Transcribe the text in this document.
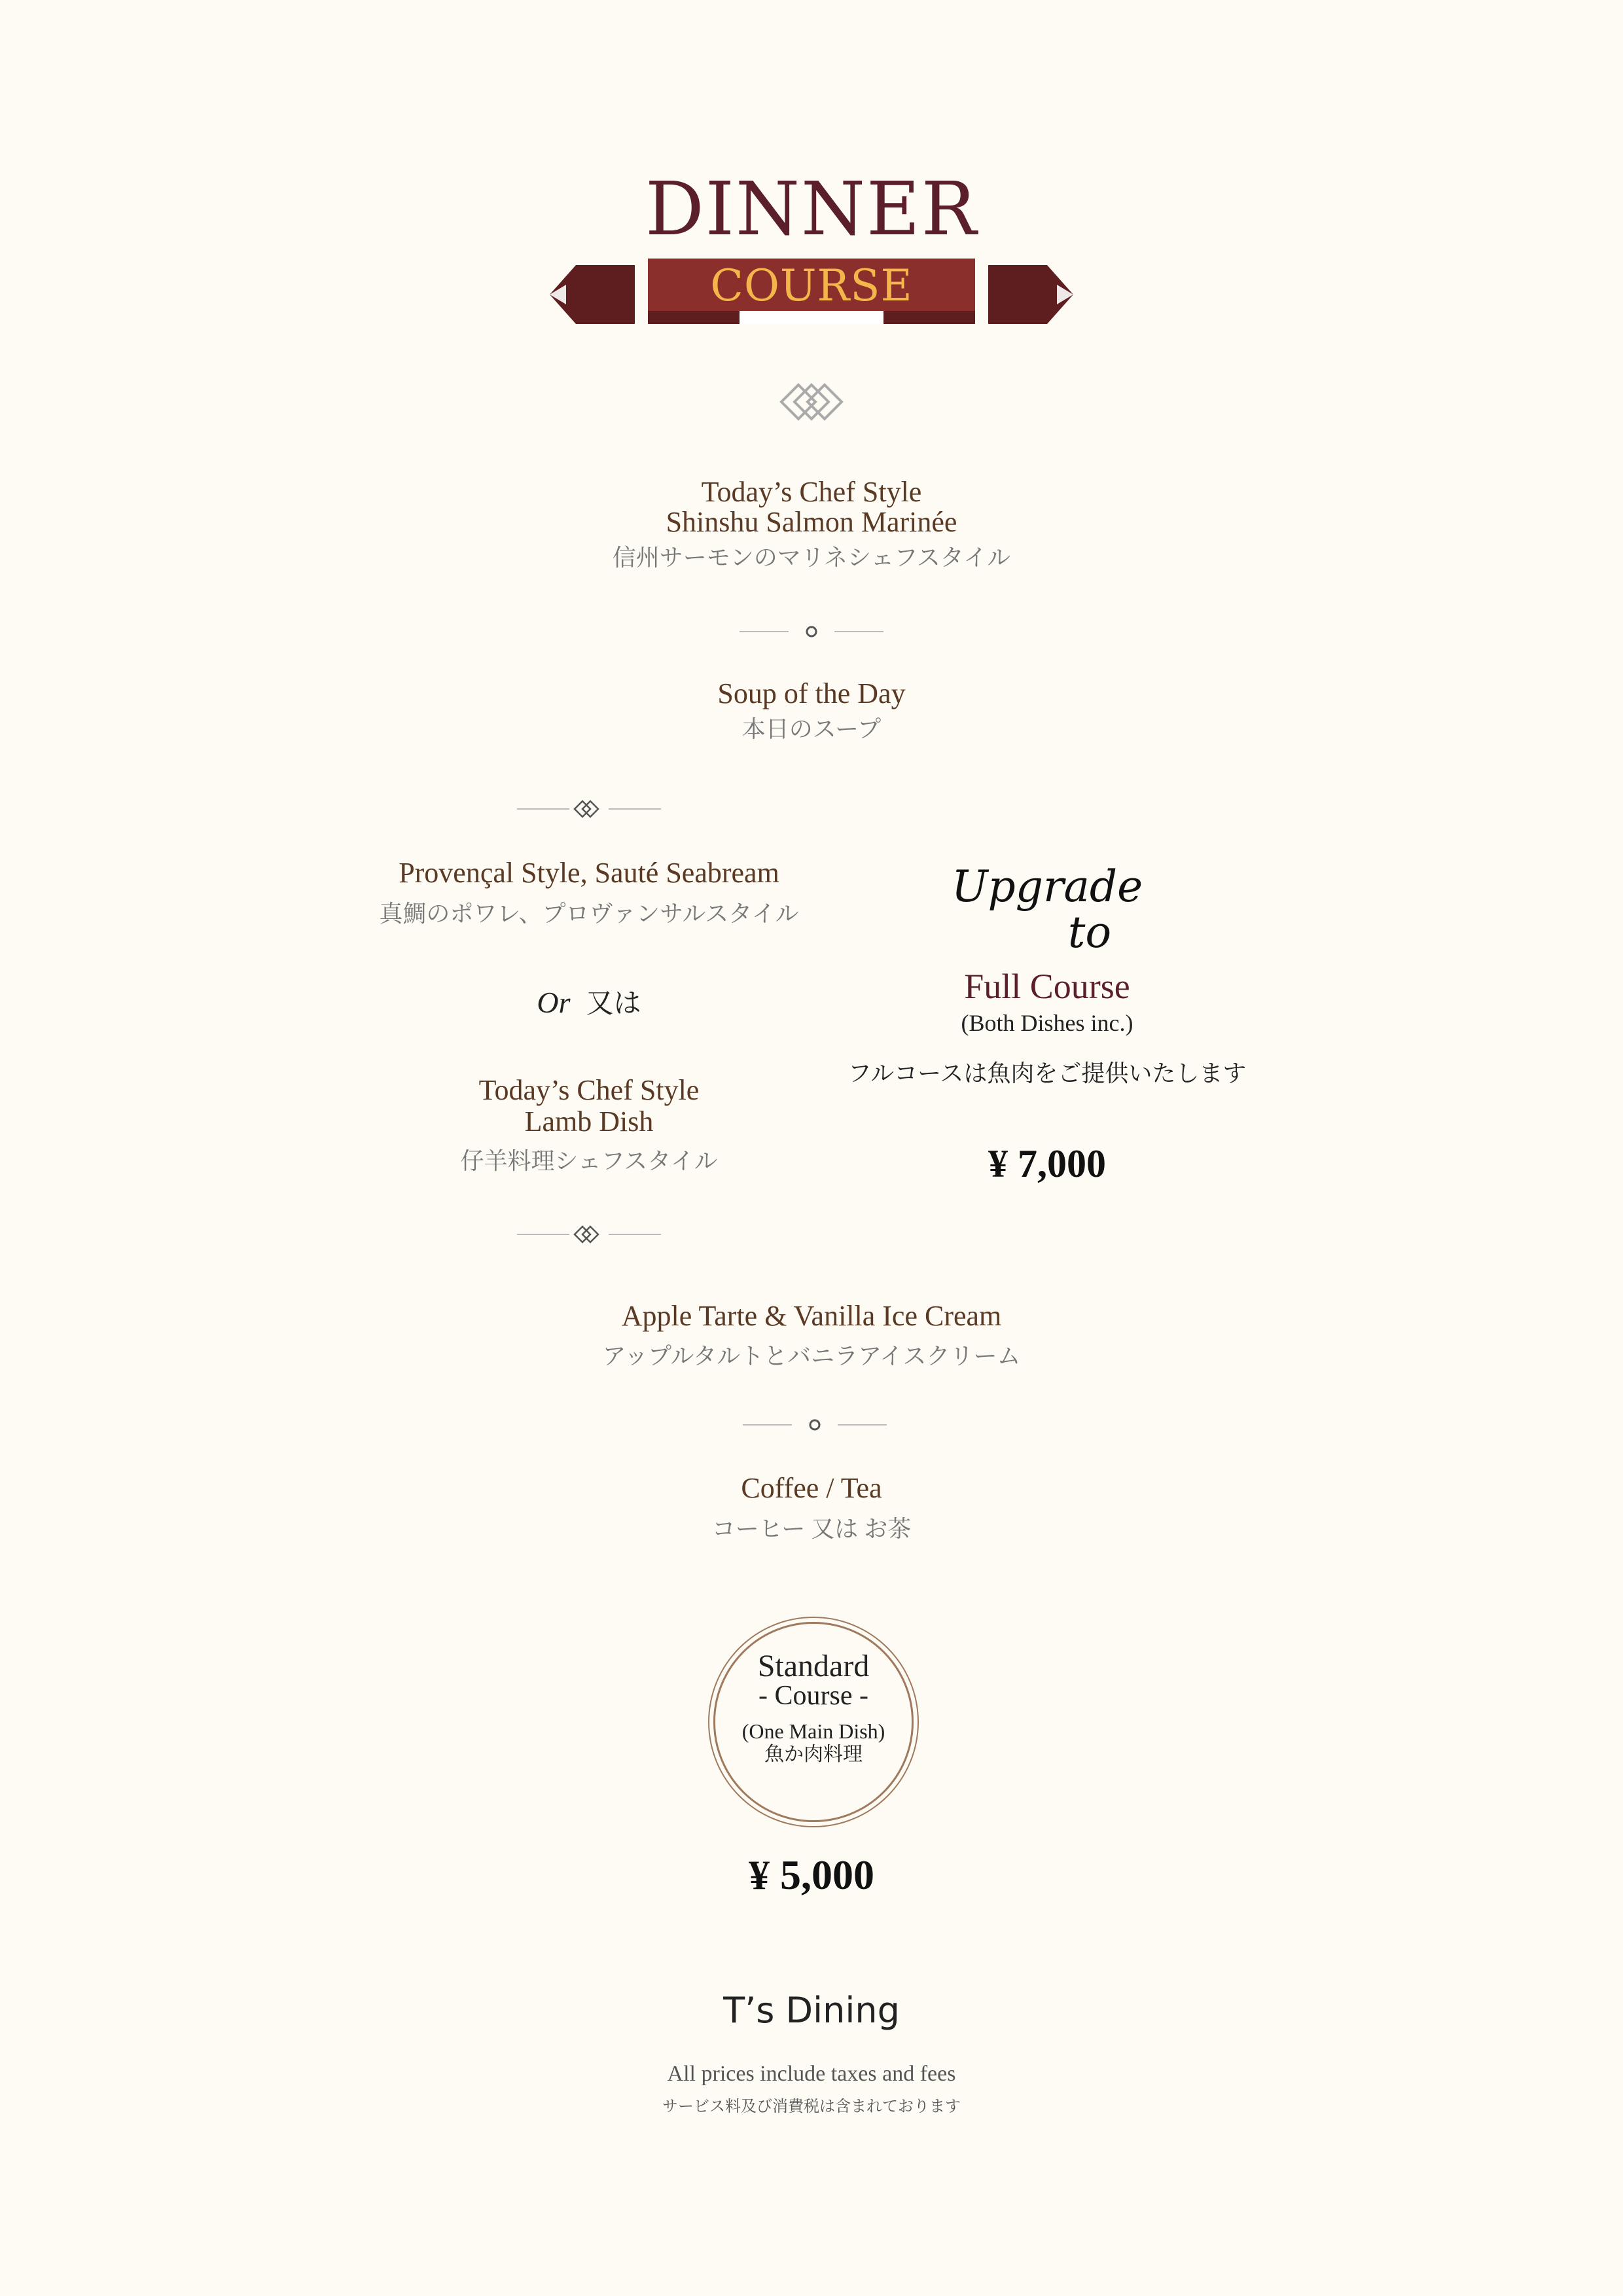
DINNER
COURSE
Today’s Chef Style
Shinshu Salmon Marinée
信州サーモンのマリネシェフスタイル
Soup of the Day
本日のスープ
Provençal Style, Sauté Seabream
真鯛のポワレ、プロヴァンサルスタイル
Or 又は
Today’s Chef Style
Lamb Dish
仔羊料理シェフスタイル
Upgrade
to
Full Course
(Both Dishes inc.)
フルコースは魚肉をご提供いたします
¥ 7,000
Apple Tarte & Vanilla Ice Cream
アップルタルトとバニラアイスクリーム
Coffee / Tea
コーヒー 又は お茶
Standard
- Course -
(One Main Dish)
魚か肉料理
¥ 5,000
T’s Dining
All prices include taxes and fees
サービス料及び消費税は含まれております
